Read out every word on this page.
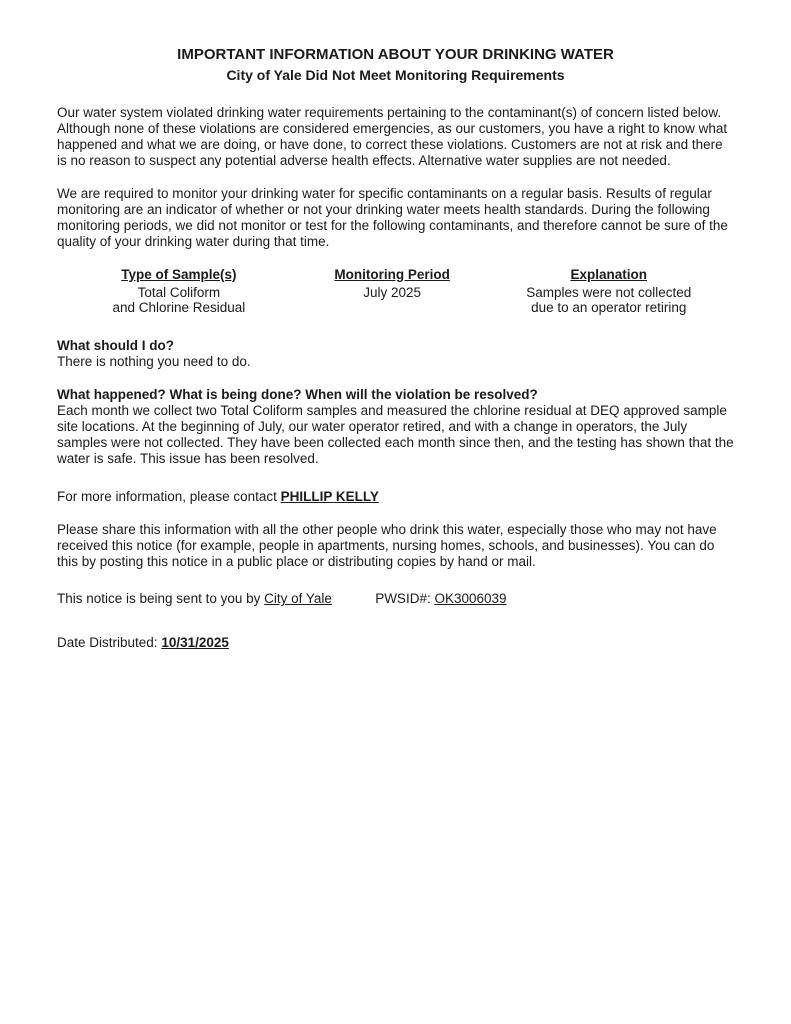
IMPORTANT INFORMATION ABOUT YOUR DRINKING WATER
City of Yale Did Not Meet Monitoring Requirements

Our water system violated drinking water requirements pertaining to the contaminant(s) of concern listed below. Although none of these violations are considered emergencies, as our customers, you have a right to know what happened and what we are doing, or have done, to correct these violations. Customers are not at risk and there is no reason to suspect any potential adverse health effects. Alternative water supplies are not needed.

We are required to monitor your drinking water for specific contaminants on a regular basis. Results of regular monitoring are an indicator of whether or not your drinking water meets health standards. During the following monitoring periods, we did not monitor or test for the following contaminants, and therefore cannot be sure of the quality of your drinking water during that time.

Type of Sample(s)
Total Coliform
and Chlorine Residual
Monitoring Period
July 2025
Explanation
Samples were not collected
due to an operator retiring
What should I do?

There is nothing you need to do.

What happened? What is being done? When will the violation be resolved?

Each month we collect two Total Coliform samples and measured the chlorine residual at DEQ approved sample site locations. At the beginning of July, our water operator retired, and with a change in operators, the July samples were not collected. They have been collected each month since then, and the testing has shown that the water is safe. This issue has been resolved.

For more information, please contact PHILLIP KELLY

Please share this information with all the other people who drink this water, especially those who may not have received this notice (for example, people in apartments, nursing homes, schools, and businesses). You can do this by posting this notice in a public place or distributing copies by hand or mail.

This notice is being sent to you by City of Yale	PWSID#: OK3006039
Date Distributed: 10/31/2025
